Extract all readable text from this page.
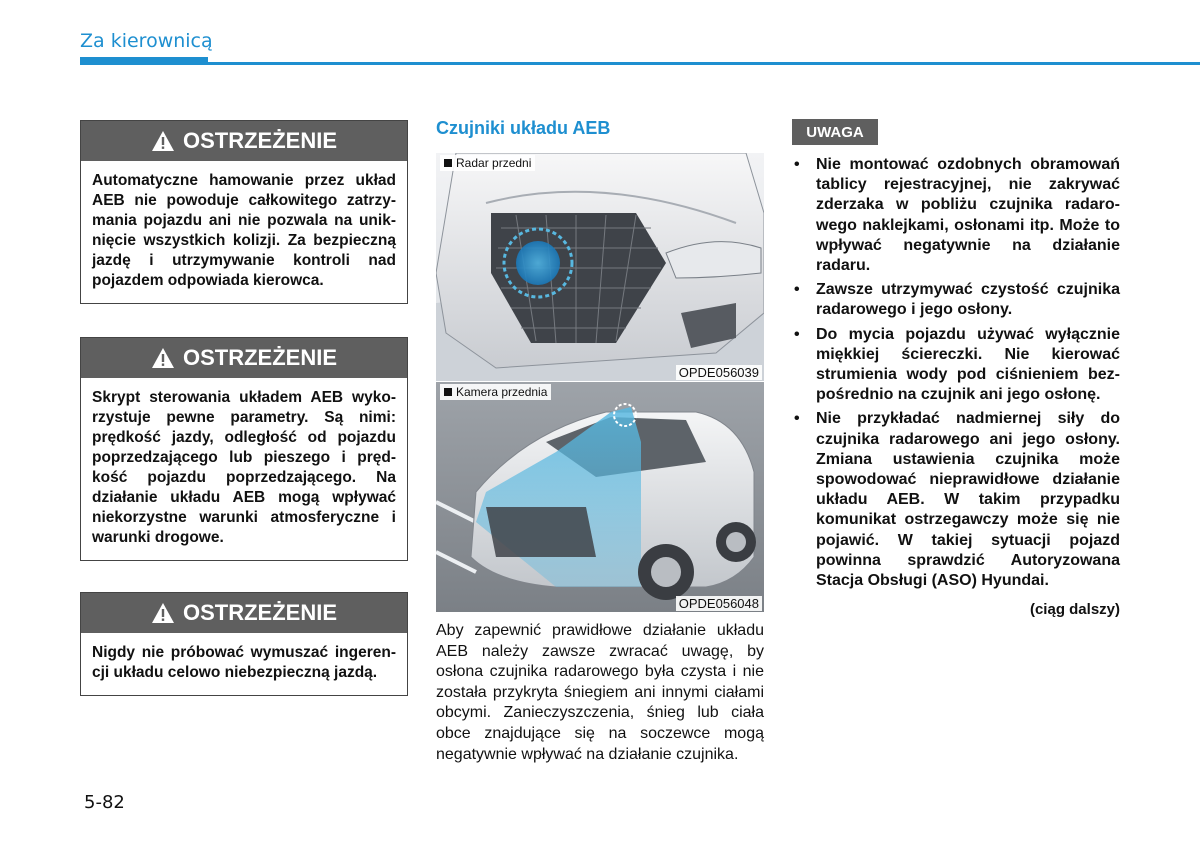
Za kierownicą
OSTRZEŻENIE
Automatyczne hamowanie przez układ AEB nie powoduje całkowitego zatrzymania pojazdu ani nie pozwala na uniknięcie wszystkich kolizji. Za bezpieczną jazdę i utrzymywanie kontroli nad pojazdem odpowiada kierowca.
OSTRZEŻENIE
Skrypt sterowania układem AEB wykorzystuje pewne parametry. Są nimi: prędkość jazdy, odległość od pojazdu poprzedzającego lub pieszego i prędkość pojazdu poprzedzającego. Na działanie układu AEB mogą wpływać niekorzystne warunki atmosferyczne i warunki drogowe.
OSTRZEŻENIE
Nigdy nie próbować wymuszać ingerencji układu celowo niebezpieczną jazdą.
Czujniki układu AEB
Radar przedni
OPDE056039
Kamera przednia
OPDE056048
Aby zapewnić prawidłowe działanie układu AEB należy zawsze zwracać uwagę, by osłona czujnika radarowego była czysta i nie została przykryta śniegiem ani innymi ciałami obcymi. Zanieczyszczenia, śnieg lub ciała obce znajdujące się na soczewce mogą negatywnie wpływać na działanie czujnika.
UWAGA
• Nie montować ozdobnych obramowań tablicy rejestracyjnej, nie zakrywać zderzaka w pobliżu czujnika radarowego naklejkami, osłonami itp. Może to wpływać negatywnie na działanie radaru.
• Zawsze utrzymywać czystość czujnika radarowego i jego osłony.
• Do mycia pojazdu używać wyłącznie miękkiej ściereczki. Nie kierować strumienia wody pod ciśnieniem bezpośrednio na czujnik ani jego osłonę.
• Nie przykładać nadmiernej siły do czujnika radarowego ani jego osłony. Zmiana ustawienia czujnika może spowodować nieprawidłowe działanie układu AEB. W takim przypadku komunikat ostrzegawczy może się nie pojawić. W takiej sytuacji pojazd powinna sprawdzić Autoryzowana Stacja Obsługi (ASO) Hyundai.
(ciąg dalszy)
5-82
